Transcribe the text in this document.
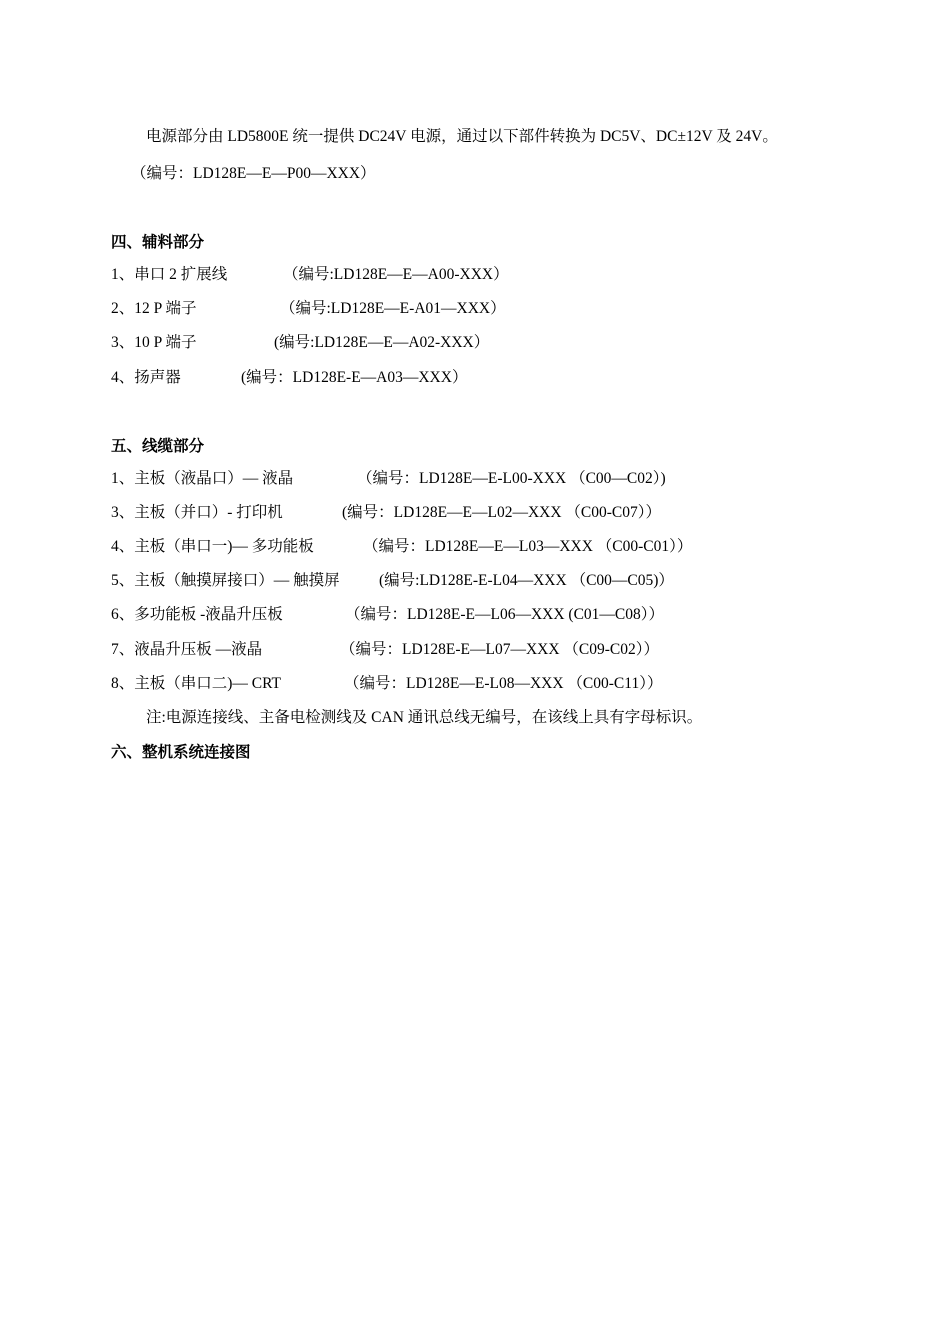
电源部分由 LD5800E 统一提供 DC24V 电源，通过以下部件转换为 DC5V、DC±12V 及 24V。
（编号：LD128E—E—P00—XXX）
四、辅料部分
1、串口 2 扩展线	（编号:LD128E—E—A00-XXX）
2、12 P 端子	（编号:LD128E—E-A01—XXX）
3、10 P 端子	(编号:LD128E—E—A02-XXX）
4、扬声器	(编号：LD128E-E—A03—XXX）
五、线缆部分
1、主板（液晶口）— 液晶	（编号：LD128E—E-L00-XXX （C00—C02）)
3、主板（并口）- 打印机	(编号：LD128E—E—L02—XXX （C00-C07））
4、主板（串口一)— 多功能板	（编号：LD128E—E—L03—XXX （C00-C01））
5、主板（触摸屏接口）— 触摸屏	(编号:LD128E-E-L04—XXX （C00—C05)）
6、多功能板 -液晶升压板	（编号：LD128E-E—L06—XXX (C01—C08））
7、液晶升压板 —液晶	（编号：LD128E-E—L07—XXX （C09-C02））
8、主板（串口二)— CRT	（编号：LD128E—E-L08—XXX （C00-C11））
注:电源连接线、主备电检测线及 CAN 通讯总线无编号，在该线上具有字母标识。
六、整机系统连接图
